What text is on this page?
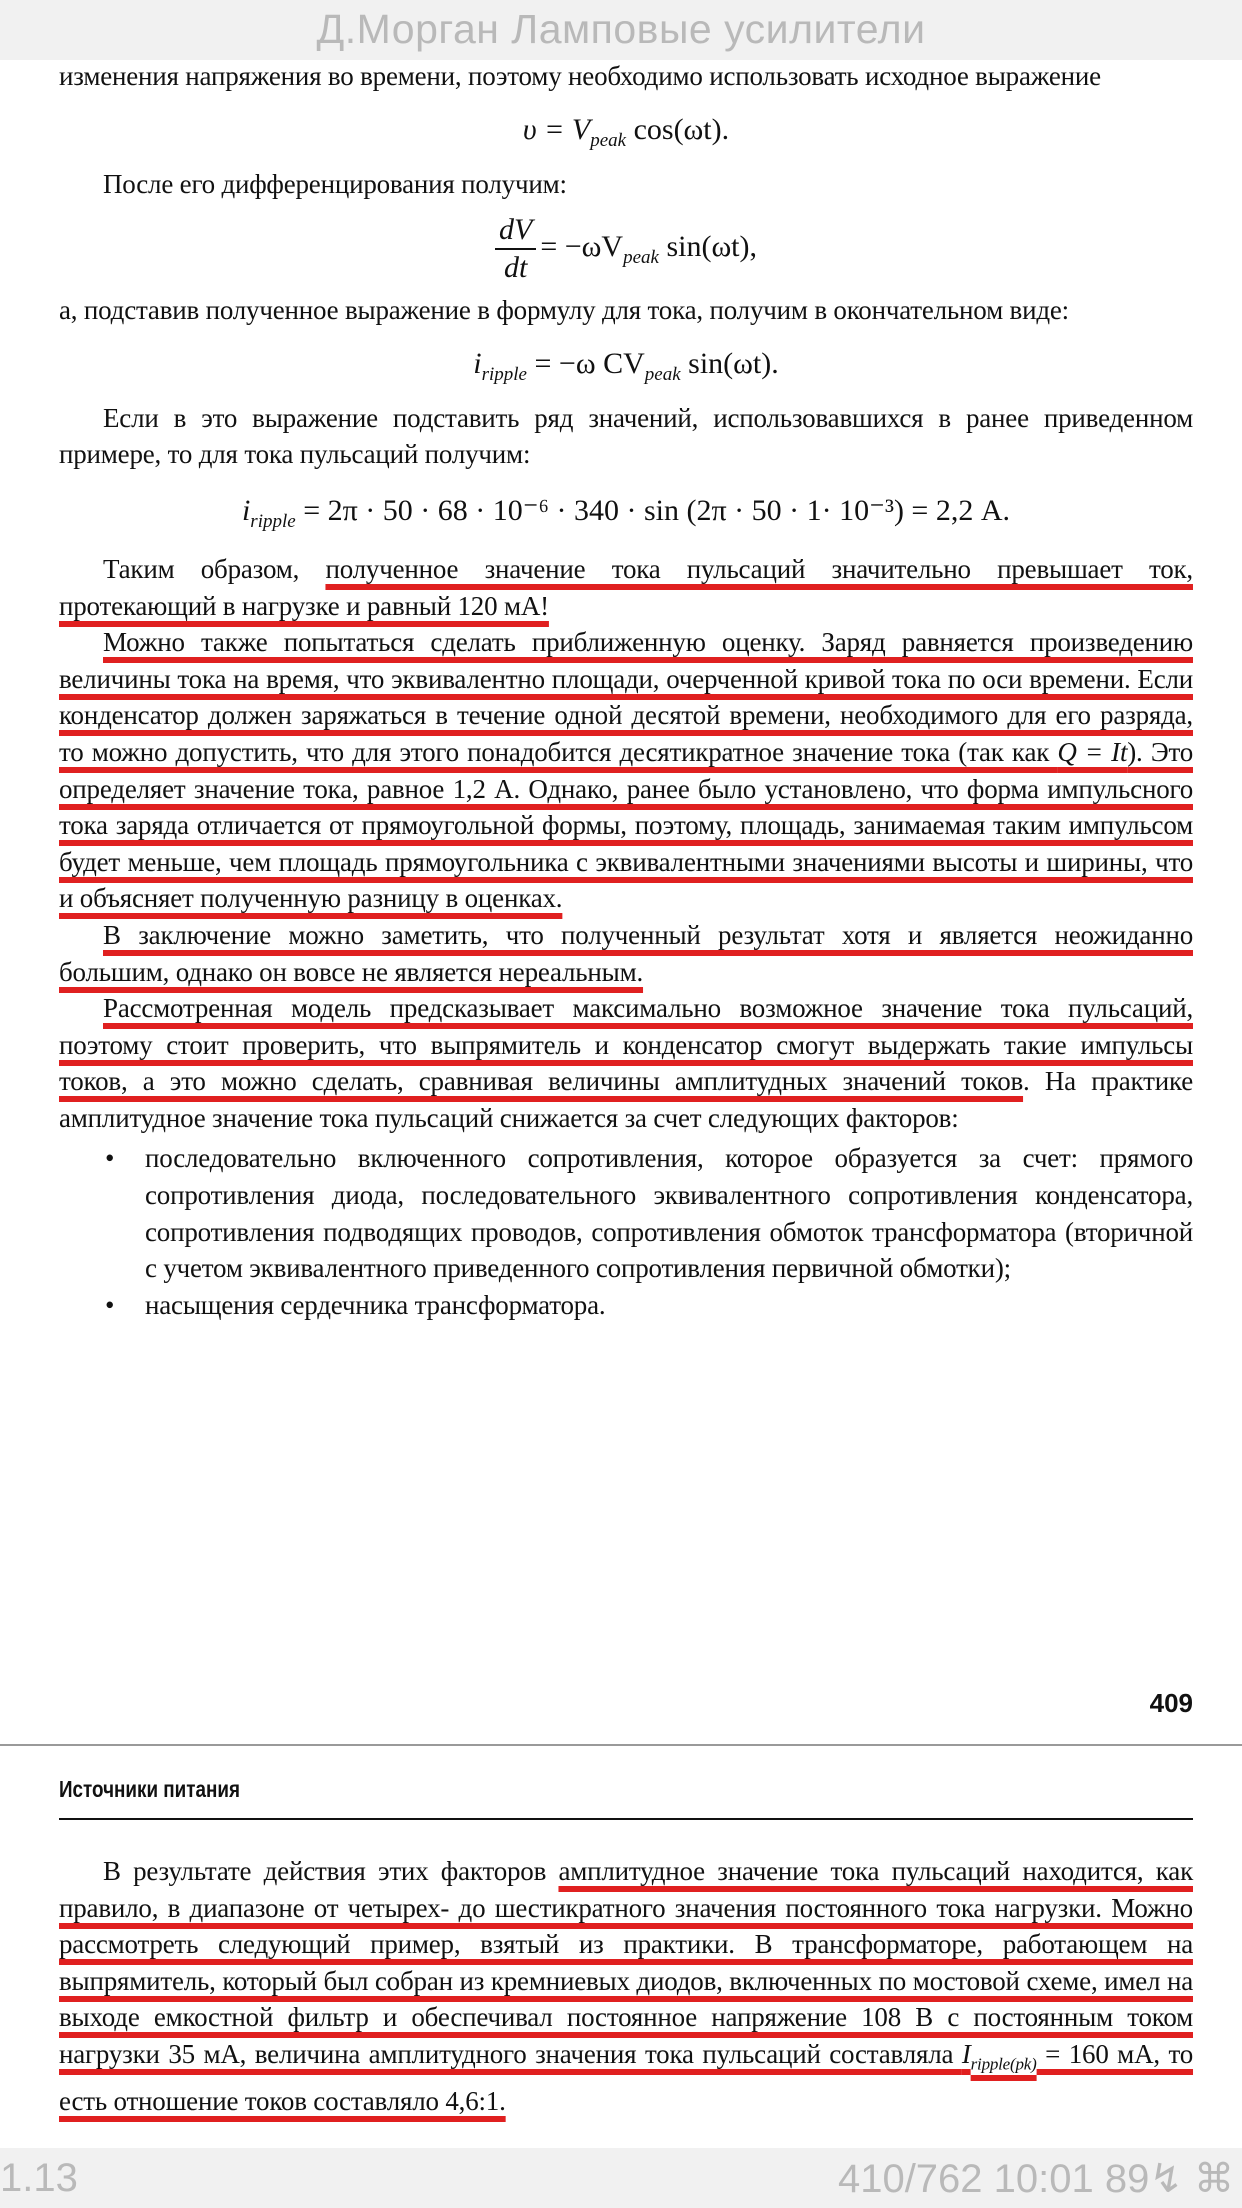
Д.Морган Ламповые усилители

изменения напряжения во времени, поэтому необходимо использовать исходное выражение

$\upsilon = V_{peak}$ cos(ωt).

После его дифференцирования получим:

$\frac{dV}{dt} = -\omega V_{peak}$ sin(ωt),

а, подставив полученное выражение в формулу для тока, получим в окончательном виде:

$i_{ripple} = -\omega$ $CV_{peak}$ sin(ωt).

Если в это выражение подставить ряд значений, использовавшихся в ранее приведенном примере, то для тока пульсаций получим:

$i_{ripple} = 2\pi \cdot 50 \cdot 68 \cdot 10^{-6} \cdot 340 \cdot \sin (2\pi \cdot 50 \cdot 1\cdot 10^{-3}) = 2,2$ А.

Таким образом, полученное значение тока пульсаций значительно превышает ток, протекающий в нагрузке и равный 120 мА!

Можно также попытаться сделать приближенную оценку. Заряд равняется произведению величины тока на время, что эквивалентно площади, очерченной кривой тока по оси времени. Если конденсатор должен заряжаться в течение одной десятой времени, необходимого для его разряда, то можно допустить, что для этого понадобится десятикратное значение тока (так как Q = It). Это определяет значение тока, равное 1,2 А. Однако, ранее было установлено, что форма импульсного тока заряда отличается от прямоугольной формы, поэтому, площадь, занимаемая таким импульсом будет меньше, чем площадь прямоугольника с эквивалентными значениями высоты и ширины, что и объясняет полученную разницу в оценках.

В заключение можно заметить, что полученный результат хотя и является неожиданно большим, однако он вовсе не является нереальным.

Рассмотренная модель предсказывает максимально возможное значение тока пульсаций, поэтому стоит проверить, что выпрямитель и конденсатор смогут выдержать такие импульсы токов, а это можно сделать, сравнивая величины амплитудных значений токов. На практике амплитудное значение тока пульсаций снижается за счет следующих факторов:

• последовательно включенного сопротивления, которое образуется за счет: прямого сопротивления диода, последовательного эквивалентного сопротивления конденсатора, сопротивления подводящих проводов, сопротивления обмоток трансформатора (вторичной с учетом эквивалентного приведенного сопротивления первичной обмотки);
• насыщения сердечника трансформатора.
409
Источники питания

В результате действия этих факторов амплитудное значение тока пульсаций находится, как правило, в диапазоне от четырех- до шестикратного значения постоянного тока нагрузки. Можно рассмотреть следующий пример, взятый из практики. В трансформаторе, работающем на выпрямитель, который был собран из кремниевых диодов, включенных по мостовой схеме, имел на выходе емкостной фильтр и обеспечивал постоянное напряжение 108 В с постоянным током нагрузки 35 мА, величина амплитудного значения тока пульсаций составляла $I_{ripple(pk)} = 160$ мА, то есть отношение токов составляло 4,6:1.

1.13	410/762 10:01 89↯ ⌘
